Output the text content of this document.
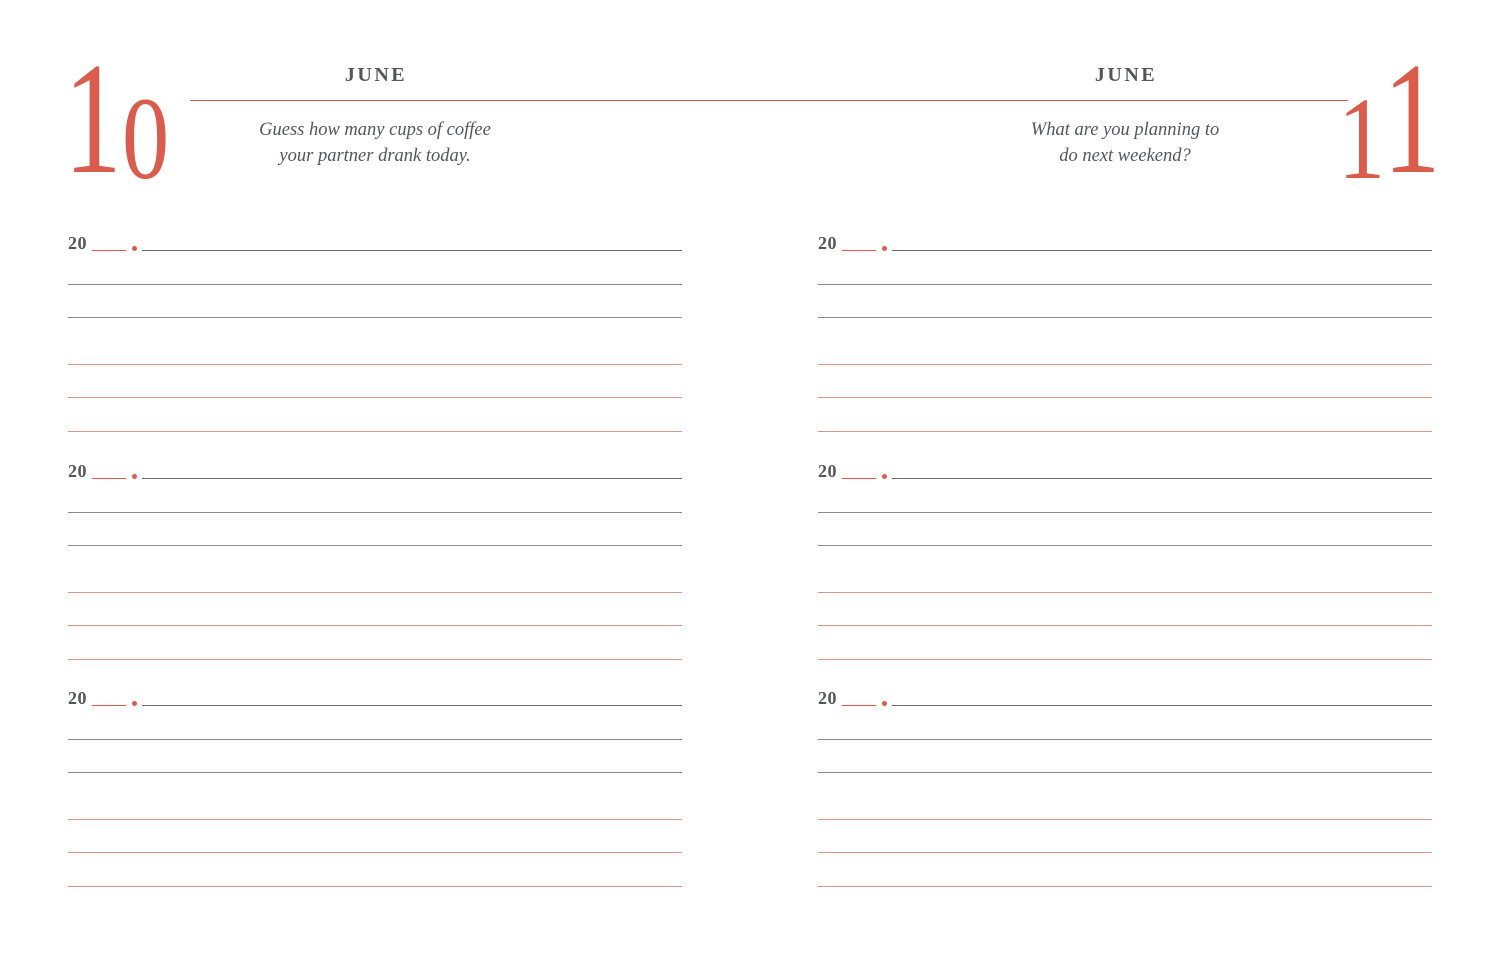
10	JUNE
Guess how many cups of coffee
your partner drank today.
JUNE
What are you planning to
do next weekend?	11
20
20
20
20
20
20
